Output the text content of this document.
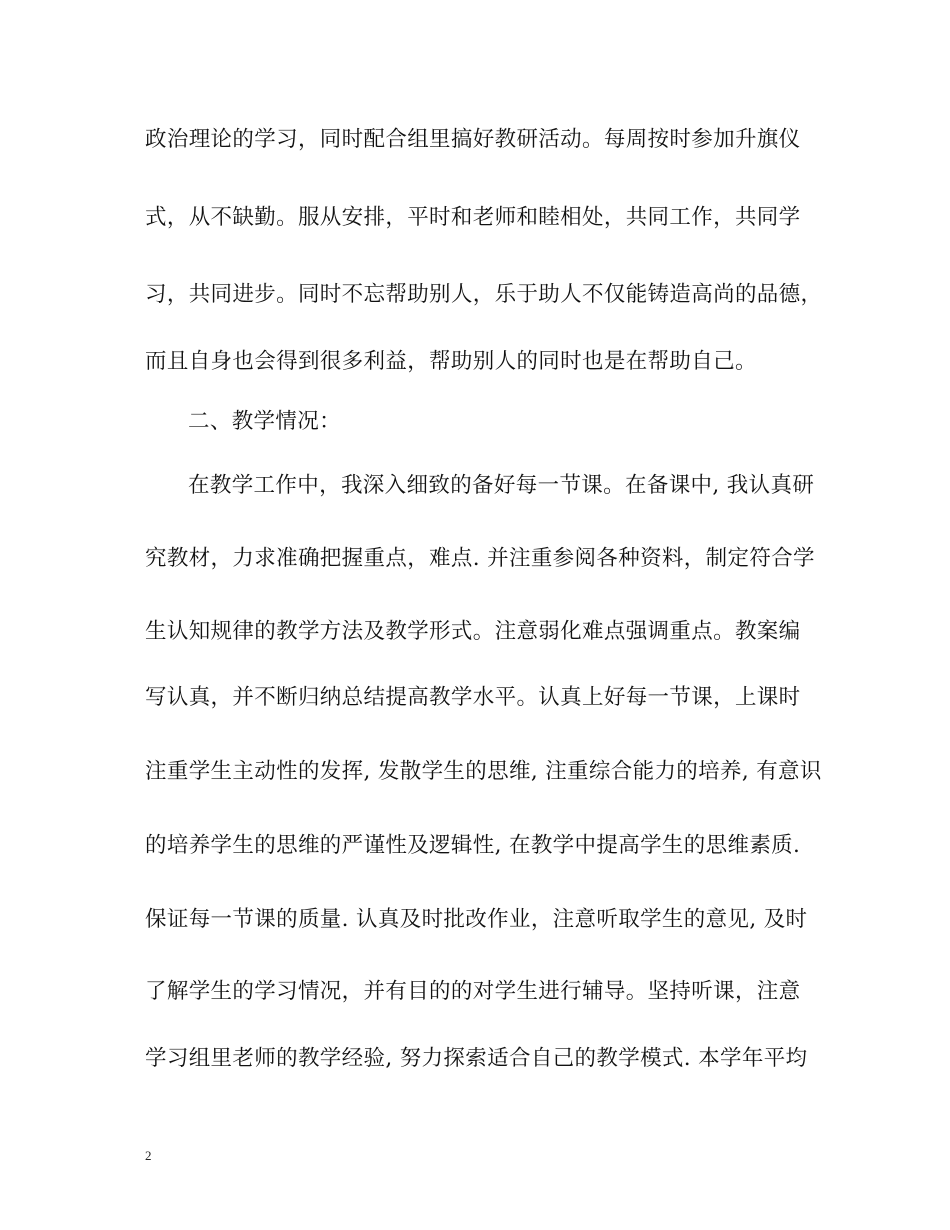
政治理论的学习，同时配合组里搞好教研活动。每周按时参加升旗仪
式，从不缺勤。服从安排，平时和老师和睦相处，共同工作，共同学
习，共同进步。同时不忘帮助别人，乐于助人不仅能铸造高尚的品德，
而且自身也会得到很多利益，帮助别人的同时也是在帮助自己。
二、教学情况：
在教学工作中，我深入细致的备好每一节课。在备课中, 我认真研
究教材，力求准确把握重点，难点. 并注重参阅各种资料，制定符合学
生认知规律的教学方法及教学形式。注意弱化难点强调重点。教案编
写认真，并不断归纳总结提高教学水平。认真上好每一节课，上课时
注重学生主动性的发挥, 发散学生的思维, 注重综合能力的培养, 有意识
的培养学生的思维的严谨性及逻辑性, 在教学中提高学生的思维素质.
保证每一节课的质量. 认真及时批改作业，注意听取学生的意见, 及时
了解学生的学习情况，并有目的的对学生进行辅导。坚持听课，注意
学习组里老师的教学经验, 努力探索适合自己的教学模式. 本学年平均
2
